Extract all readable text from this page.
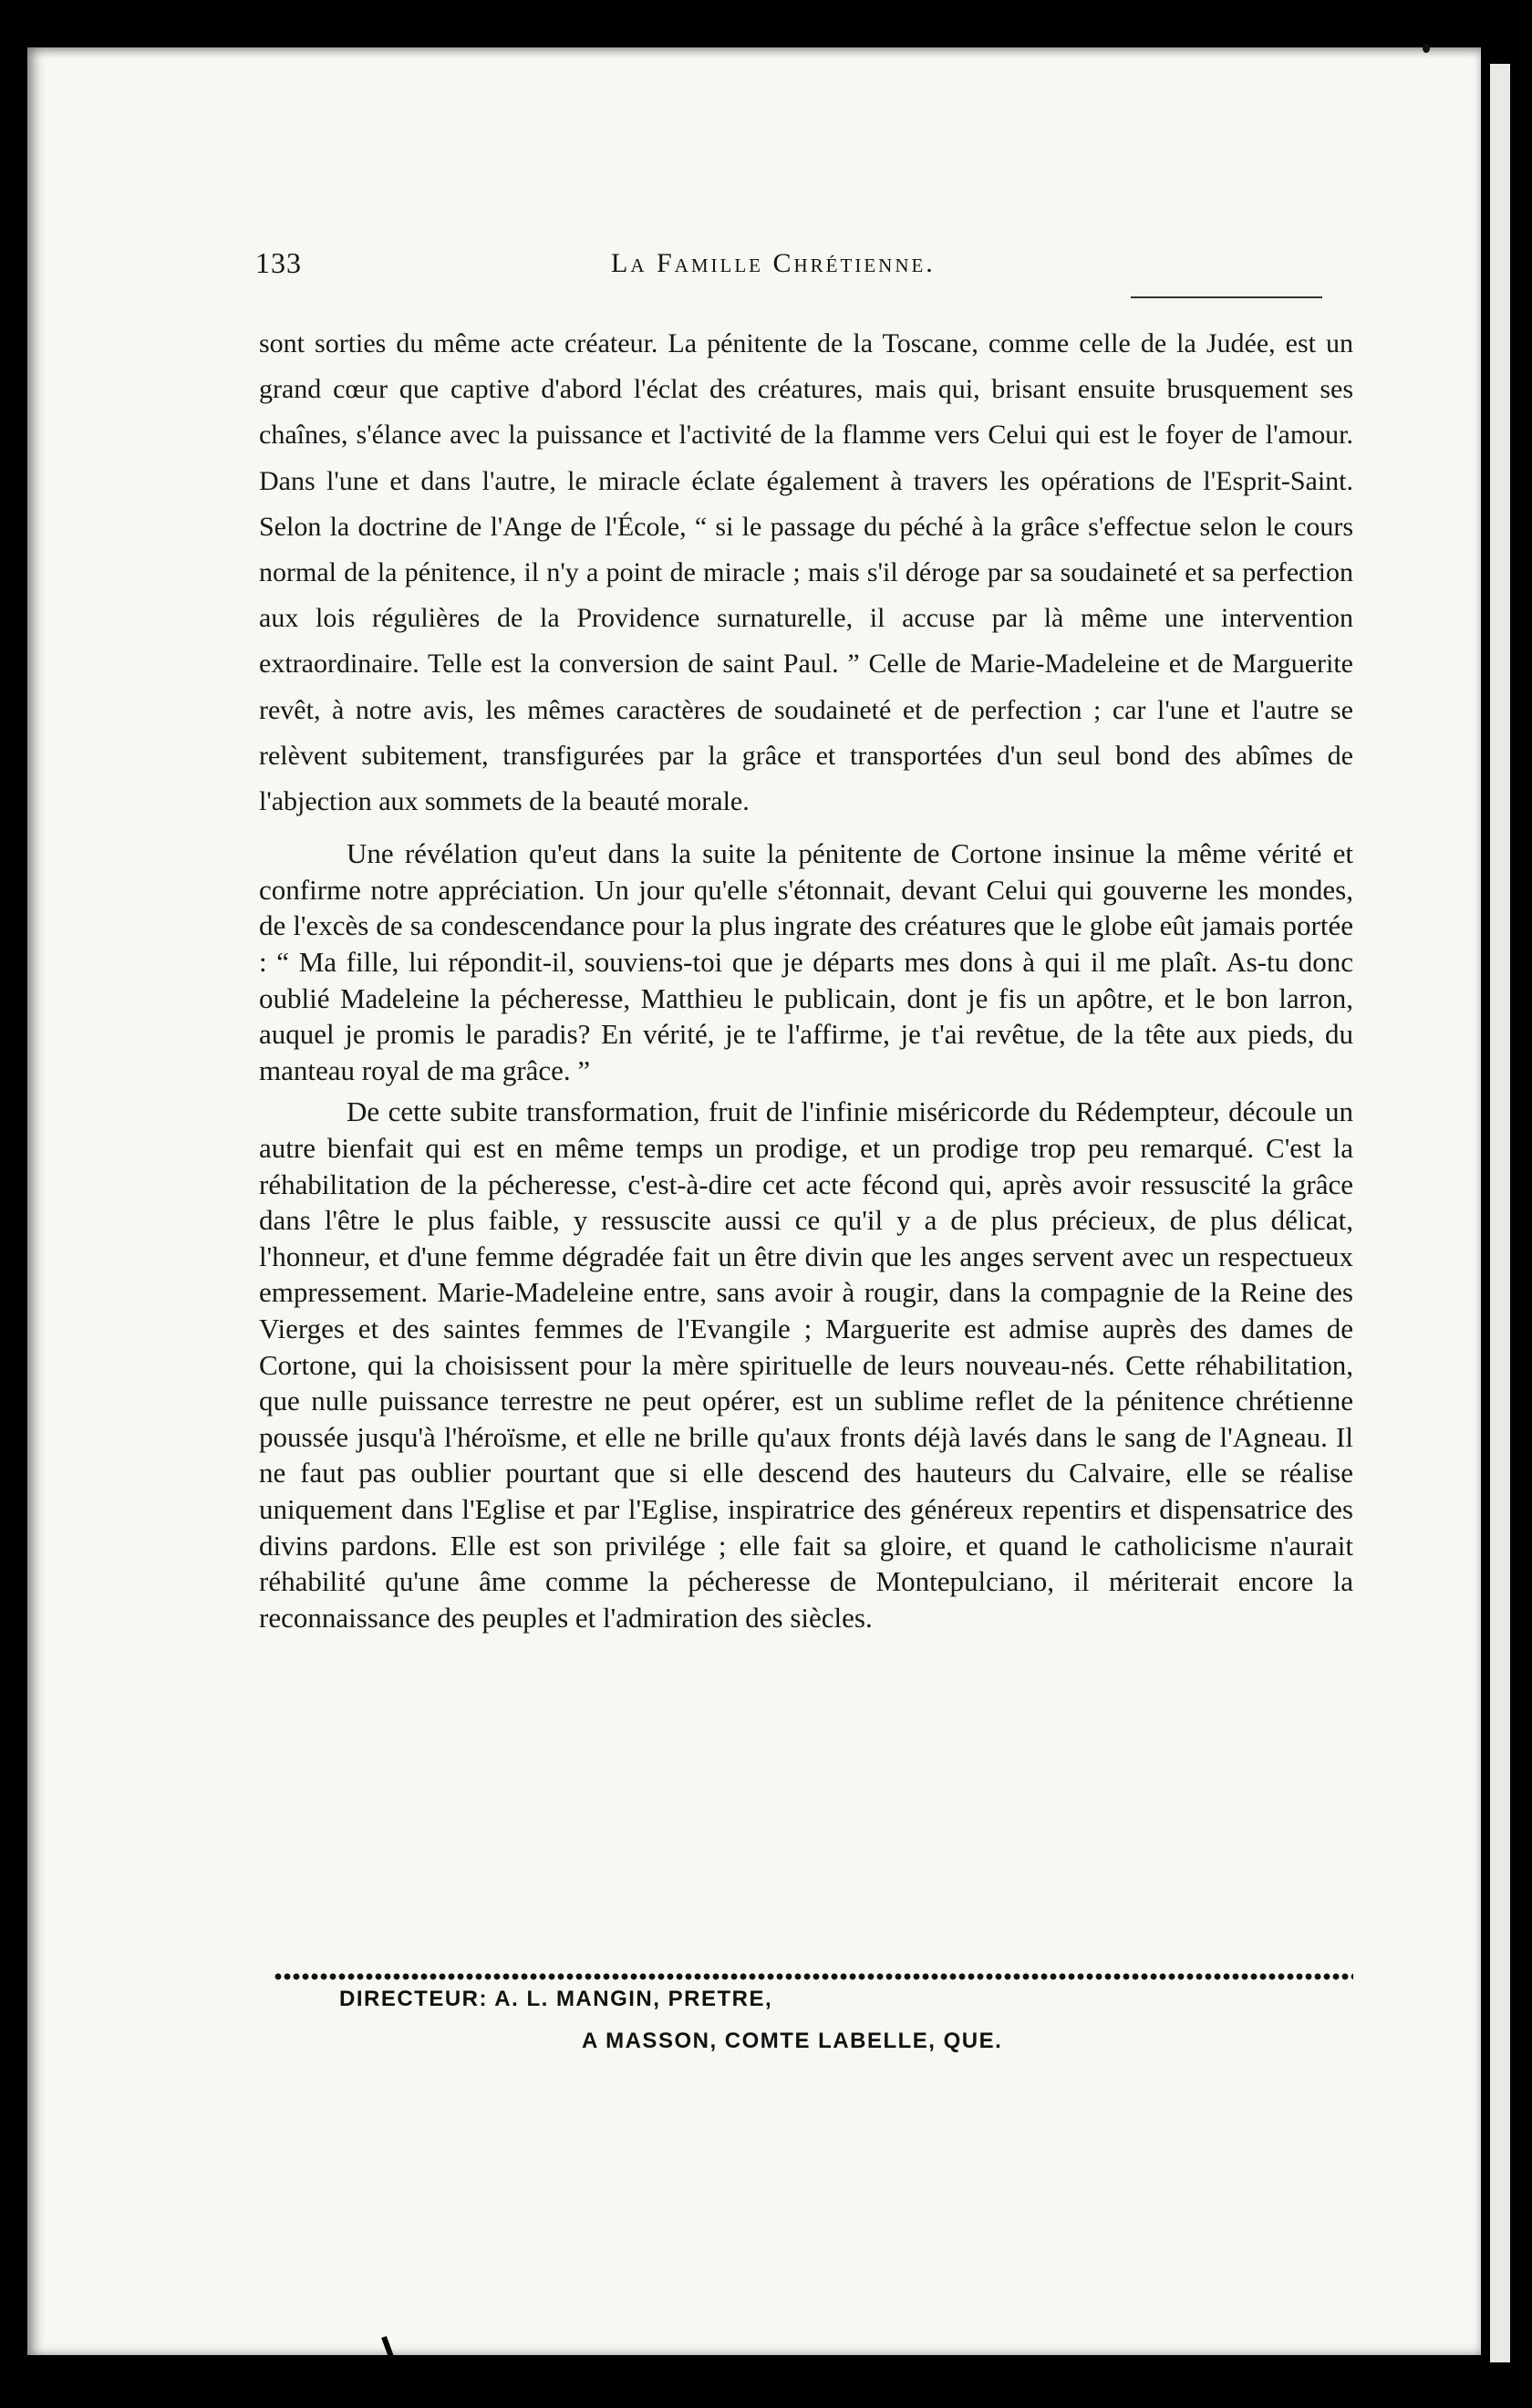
133	La Famille Chrétienne.

sont sorties du même acte créateur. La pénitente de la Toscane, comme celle de la Judée, est un grand cœur que captive d'abord l'éclat des créatures, mais qui, brisant ensuite brusquement ses chaînes, s'élance avec la puissance et l'activité de la flamme vers Celui qui est le foyer de l'amour. Dans l'une et dans l'autre, le miracle éclate également à travers les opérations de l'Esprit-Saint. Selon la doctrine de l'Ange de l'École, “ si le passage du péché à la grâce s'effectue selon le cours normal de la pénitence, il n'y a point de miracle ; mais s'il déroge par sa soudaineté et sa perfection aux lois régulières de la Providence surnaturelle, il accuse par là même une intervention extraordinaire. Telle est la conversion de saint Paul. ” Celle de Marie-Madeleine et de Marguerite revêt, à notre avis, les mêmes caractères de soudaineté et de perfection ; car l'une et l'autre se relèvent subitement, transfigurées par la grâce et transportées d'un seul bond des abîmes de l'abjection aux sommets de la beauté morale.

Une révélation qu'eut dans la suite la pénitente de Cortone insinue la même vérité et confirme notre appréciation. Un jour qu'elle s'étonnait, devant Celui qui gouverne les mondes, de l'excès de sa condescendance pour la plus ingrate des créatures que le globe eût jamais portée : “ Ma fille, lui répondit-il, souviens-toi que je départs mes dons à qui il me plaît. As-tu donc oublié Madeleine la pécheresse, Matthieu le publicain, dont je fis un apôtre, et le bon larron, auquel je promis le paradis? En vérité, je te l'affirme, je t'ai revêtue, de la tête aux pieds, du manteau royal de ma grâce. ”

De cette subite transformation, fruit de l'infinie miséricorde du Rédempteur, découle un autre bienfait qui est en même temps un prodige, et un prodige trop peu remarqué. C'est la réhabilitation de la pécheresse, c'est-à-dire cet acte fécond qui, après avoir ressuscité la grâce dans l'être le plus faible, y ressuscite aussi ce qu'il y a de plus précieux, de plus délicat, l'honneur, et d'une femme dégradée fait un être divin que les anges servent avec un respectueux empressement. Marie-Madeleine entre, sans avoir à rougir, dans la compagnie de la Reine des Vierges et des saintes femmes de l'Evangile ; Marguerite est admise auprès des dames de Cortone, qui la choisissent pour la mère spirituelle de leurs nouveau-nés. Cette réhabilitation, que nulle puissance terrestre ne peut opérer, est un sublime reflet de la pénitence chrétienne poussée jusqu'à l'héroïsme, et elle ne brille qu'aux fronts déjà lavés dans le sang de l'Agneau. Il ne faut pas oublier pourtant que si elle descend des hauteurs du Calvaire, elle se réalise uniquement dans l'Eglise et par l'Eglise, inspiratrice des généreux repentirs et dispensatrice des divins pardons. Elle est son privilége ; elle fait sa gloire, et quand le catholicisme n'aurait réhabilité qu'une âme comme la pécheresse de Montepulciano, il mériterait encore la reconnaissance des peuples et l'admiration des siècles.

DIRECTEUR: A. L. MANGIN, PRETRE,
A MASSON, COMTE LABELLE, QUE.
